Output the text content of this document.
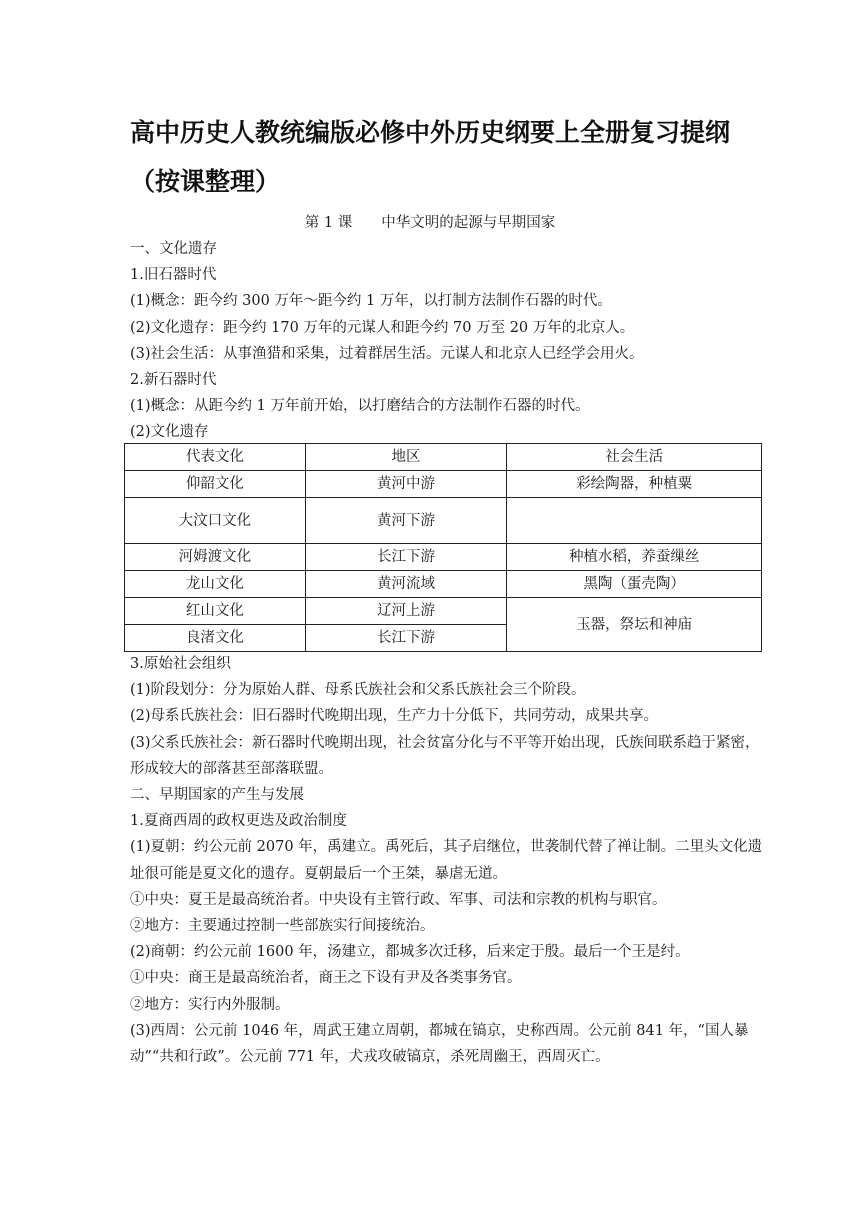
高中历史人教统编版必修中外历史纲要上全册复习提纲
（按课整理）
第 1 课　　中华文明的起源与早期国家
一、文化遗存
1.旧石器时代
(1)概念：距今约 300 万年～距今约 1 万年，以打制方法制作石器的时代。
(2)文化遗存：距今约 170 万年的元谋人和距今约 70 万至 20 万年的北京人。
(3)社会生活：从事渔猎和采集，过着群居生活。元谋人和北京人已经学会用火。
2.新石器时代
(1)概念：从距今约 1 万年前开始，以打磨结合的方法制作石器的时代。
(2)文化遗存
代表文化	地区	社会生活
仰韶文化	黄河中游	彩绘陶器，种植粟
大汶口文化	黄河下游	
河姆渡文化	长江下游	种植水稻，养蚕缫丝
龙山文化	黄河流域	黑陶（蛋壳陶）
红山文化	辽河上游	玉器，祭坛和神庙
良渚文化	长江下游	
3.原始社会组织
(1)阶段划分：分为原始人群、母系氏族社会和父系氏族社会三个阶段。
(2)母系氏族社会：旧石器时代晚期出现，生产力十分低下，共同劳动，成果共享。
(3)父系氏族社会：新石器时代晚期出现，社会贫富分化与不平等开始出现，氏族间联系趋于紧密，形成较大的部落甚至部落联盟。
二、早期国家的产生与发展
1.夏商西周的政权更迭及政治制度
(1)夏朝：约公元前 2070 年，禹建立。禹死后，其子启继位，世袭制代替了禅让制。二里头文化遗址很可能是夏文化的遗存。夏朝最后一个王桀，暴虐无道。
①中央：夏王是最高统治者。中央设有主管行政、军事、司法和宗教的机构与职官。
②地方：主要通过控制一些部族实行间接统治。
(2)商朝：约公元前 1600 年，汤建立，都城多次迁移，后来定于殷。最后一个王是纣。
①中央：商王是最高统治者，商王之下设有尹及各类事务官。
②地方：实行内外服制。
(3)西周：公元前 1046 年，周武王建立周朝，都城在镐京，史称西周。公元前 841 年，“国人暴动”“共和行政”。公元前 771 年，犬戎攻破镐京，杀死周幽王，西周灭亡。
